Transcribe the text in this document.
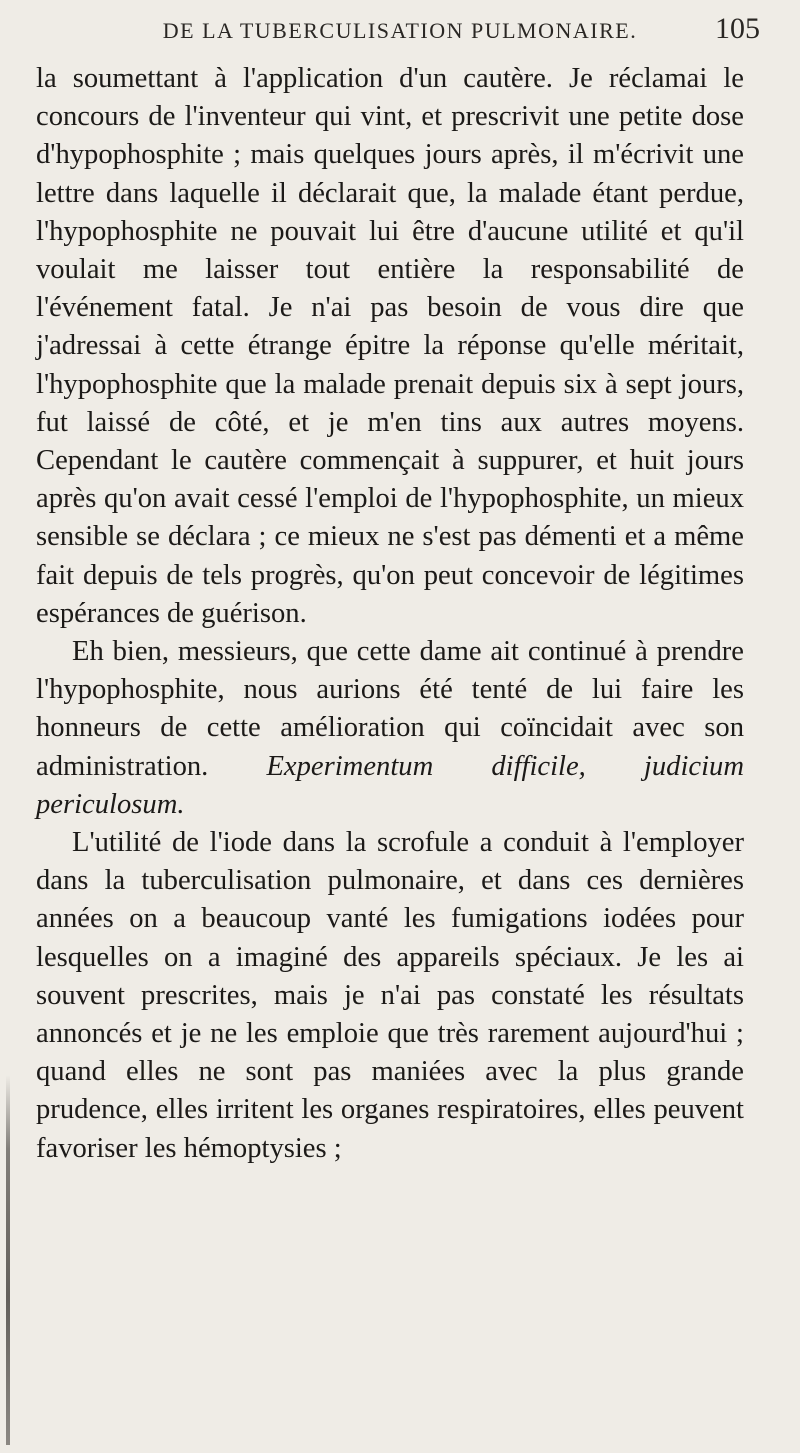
DE LA TUBERCULISATION PULMONAIRE.	105

la soumettant à l'application d'un cautère. Je réclamai le concours de l'inventeur qui vint, et prescrivit une petite dose d'hypophosphite ; mais quelques jours après, il m'écrivit une lettre dans laquelle il déclarait que, la malade étant perdue, l'hypophosphite ne pouvait lui être d'aucune utilité et qu'il voulait me laisser tout entière la responsabilité de l'événement fatal. Je n'ai pas besoin de vous dire que j'adressai à cette étrange épitre la réponse qu'elle méritait, l'hypophosphite que la malade prenait depuis six à sept jours, fut laissé de côté, et je m'en tins aux autres moyens. Cependant le cautère commençait à suppurer, et huit jours après qu'on avait cessé l'emploi de l'hypophosphite, un mieux sensible se déclara ; ce mieux ne s'est pas démenti et a même fait depuis de tels progrès, qu'on peut concevoir de légitimes espérances de guérison.

Eh bien, messieurs, que cette dame ait continué à prendre l'hypophosphite, nous aurions été tenté de lui faire les honneurs de cette amélioration qui coïncidait avec son administration. Experimentum difficile, judicium periculosum.

L'utilité de l'iode dans la scrofule a conduit à l'employer dans la tuberculisation pulmonaire, et dans ces dernières années on a beaucoup vanté les fumigations iodées pour lesquelles on a imaginé des appareils spéciaux. Je les ai souvent prescrites, mais je n'ai pas constaté les résultats annoncés et je ne les emploie que très rarement aujourd'hui ; quand elles ne sont pas maniées avec la plus grande prudence, elles irritent les organes respiratoires, elles peuvent favoriser les hémoptysies ;
